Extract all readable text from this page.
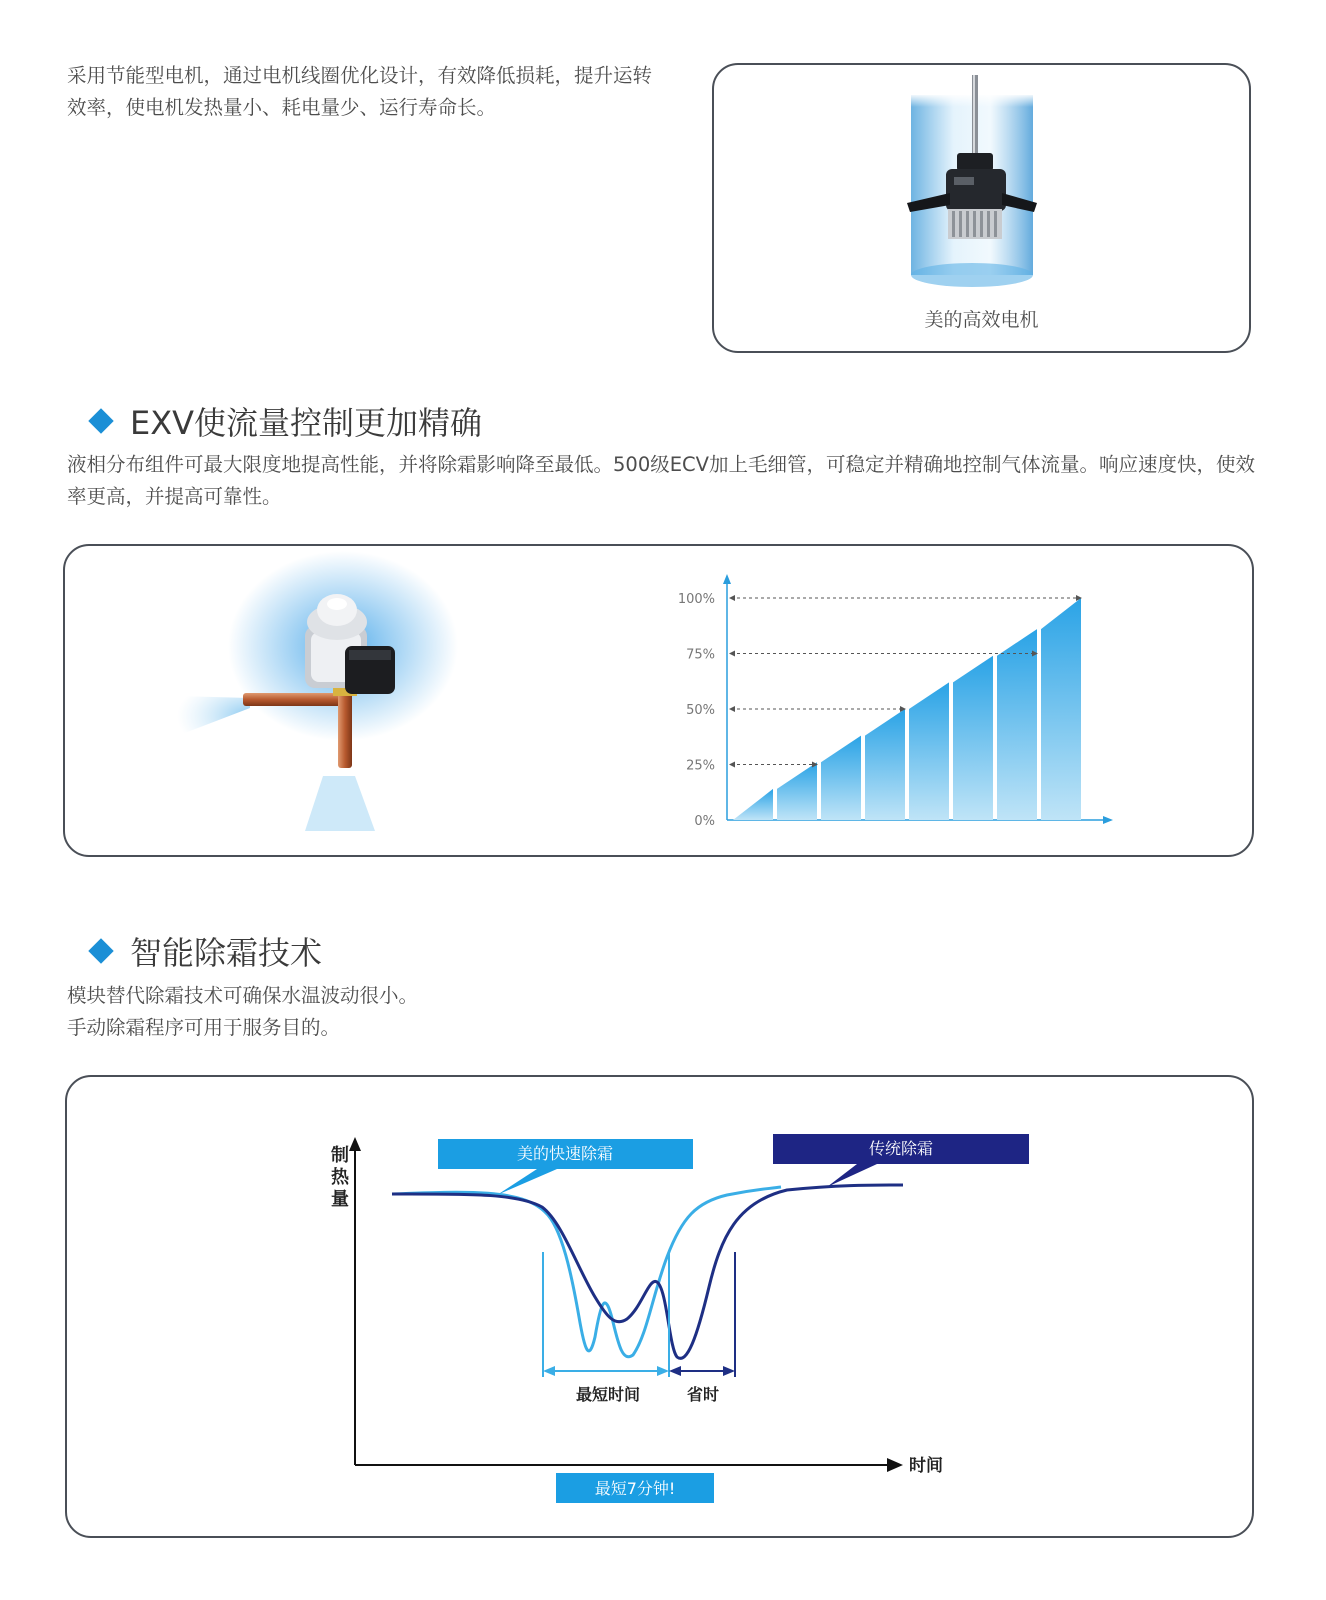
采用节能型电机，通过电机线圈优化设计，有效降低损耗，提升运转效率，使电机发热量小、耗电量少、运行寿命长。

美的高效电机
EXV使流量控制更加精确

液相分布组件可最大限度地提高性能，并将除霜影响降至最低。500级ECV加上毛细管，可稳定并精确地控制气体流量。响应速度快，使效率更高，并提高可靠性。

100%
75%
50%
25%
0%
智能除霜技术

模块替代除霜技术可确保水温波动很小。

手动除霜程序可用于服务目的。

制热量
时间
美的快速除霜	传统除霜
最短时间	省时
最短7分钟!
